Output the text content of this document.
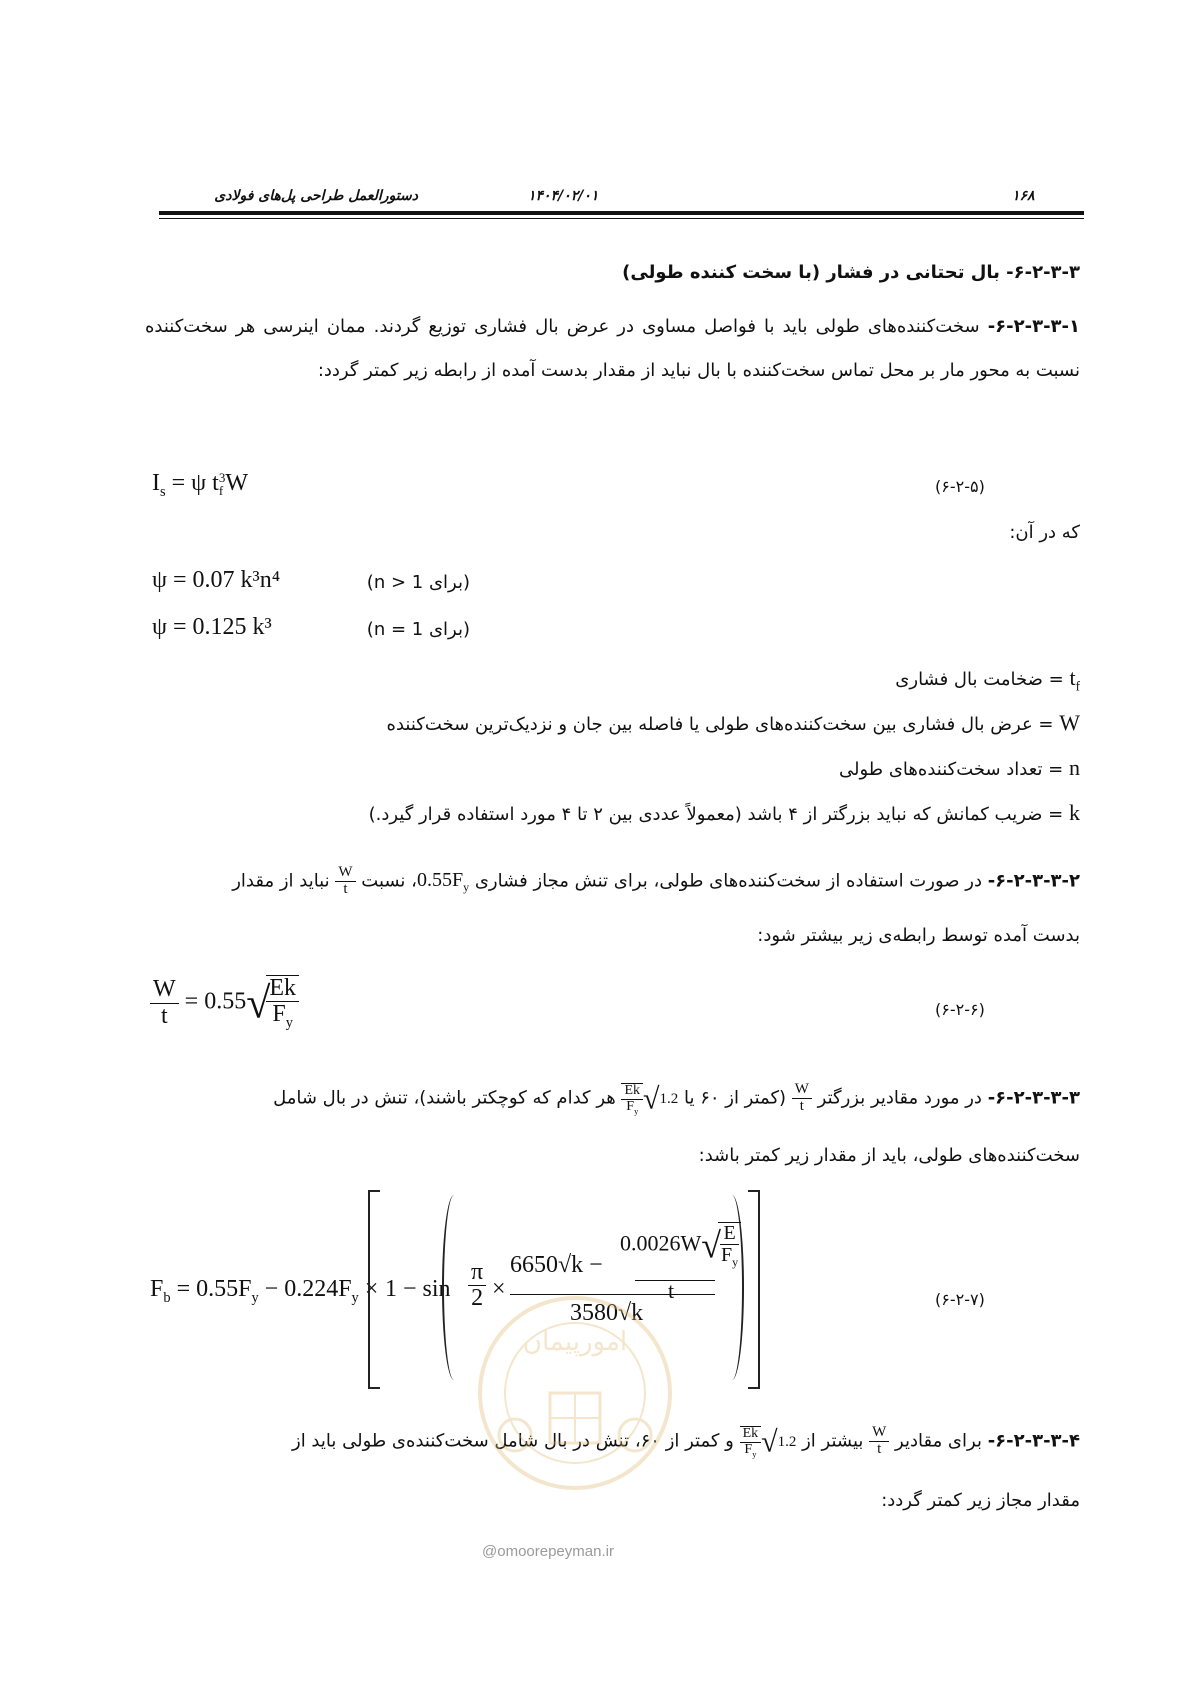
۱۶۸
۱۴۰۴/۰۲/۰۱
دستورالعمل طراحی پل‌های فولادی
۶-۲-۳-۳- بال تحتانی در فشار (با سخت کننده طولی)
۶-۲-۳-۳-۱- سخت‌کننده‌های طولی باید با فواصل مساوی در عرض بال فشاری توزیع گردند. ممان اینرسی هر سخت‌کننده نسبت به محور مار بر محل تماس سخت‌کننده با بال نباید از مقدار بدست آمده از رابطه زیر کمتر گردد:
$I_s = \psi$ t 3
f W	(۶-۲-۵)
که در آن:
ψ = 0.07 k³n⁴	(برای n > 1)
ψ = 0.125 k³	(برای n = 1)
$t_f$ = ضخامت بال فشاری
W = عرض بال فشاری بین سخت‌کننده‌های طولی یا فاصله بین جان و نزدیک‌ترین سخت‌کننده
n = تعداد سخت‌کننده‌های طولی
k = ضریب کمانش که نباید بزرگتر از ۴ باشد (معمولاً عددی بین ۲ تا ۴ مورد استفاده قرار گیرد.)
۶-۲-۳-۳-۲- در صورت استفاده از سخت‌کننده‌های طولی، برای تنش مجاز فشاری $0.55F_y،$ نسبت
$\frac{W}{t}$
نباید از مقدار
بدست آمده توسط رابطه‌ی زیر بیشتر شود:
$\frac{W}{t} = 0.55√$
$\frac{Ek}{F_y}$	(۶-۲-۶)
۶-۲-۳-۳-۳- در مورد مقادیر بزرگتر
$\frac{W}{t}$
(کمتر از ۶۰ یا 1.2√
$\frac{Ek}{F_y}$
هر کدام که کوچکتر باشند)، تنش در بال شامل
سخت‌کننده‌های طولی، باید از مقدار زیر کمتر باشد:
$F_b = 0.55F_y - 0.224F_y \times 1 - \sin \frac{\pi}{2}$ ×
6650√k −
0.0026W√
$\frac{E}{F_y}$
t
3580√k
(۶-۲-۷)
۶-۲-۳-۳-۴- برای مقادیر
$\frac{W}{t}$
بیشتر از 1.2√
$\frac{Ek}{F_y}$
و کمتر از ۶۰، تنش در بال شامل سخت‌کننده‌ی طولی باید از
مقدار مجاز زیر کمتر گردد:
امورپیمان
@omoorepeyman.ir
